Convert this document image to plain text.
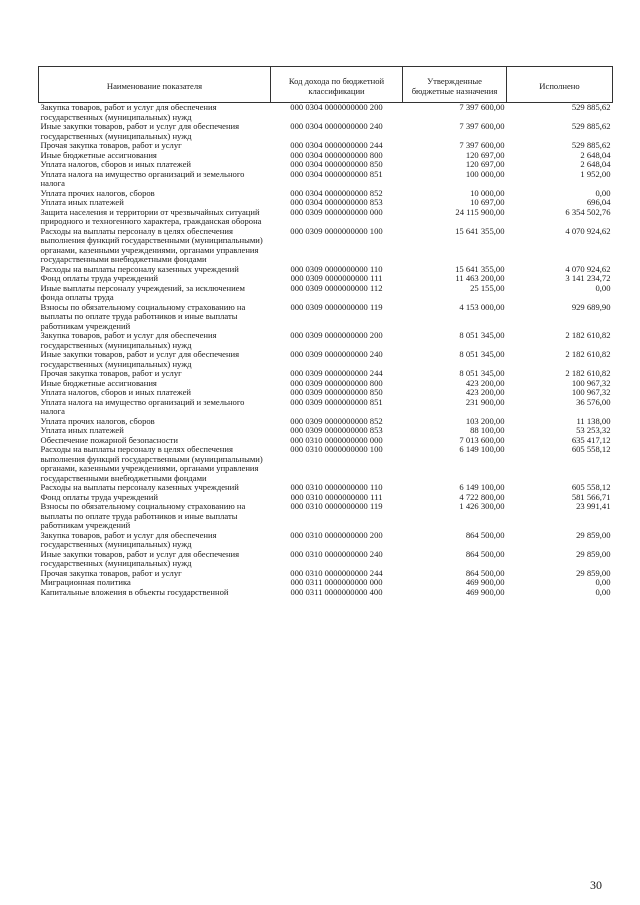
Наименование показателя	Код дохода по бюджетной классификации	Утвержденные бюджетные назначения	Исполнено
Закупка товаров, работ и услуг для обеспечения государственных (муниципальных) нужд	000 0304 0000000000 200	7 397 600,00	529 885,62
Иные закупки товаров, работ и услуг для обеспечения государственных (муниципальных) нужд	000 0304 0000000000 240	7 397 600,00	529 885,62
Прочая закупка товаров, работ и услуг	000 0304 0000000000 244	7 397 600,00	529 885,62
Иные бюджетные ассигнования	000 0304 0000000000 800	120 697,00	2 648,04
Уплата налогов, сборов и иных платежей	000 0304 0000000000 850	120 697,00	2 648,04
Уплата налога на имущество организаций и земельного налога	000 0304 0000000000 851	100 000,00	1 952,00
Уплата прочих налогов, сборов	000 0304 0000000000 852	10 000,00	0,00
Уплата иных платежей	000 0304 0000000000 853	10 697,00	696,04
Защита населения и территории от чрезвычайных ситуаций природного и техногенного характера, гражданская оборона	000 0309 0000000000 000	24 115 900,00	6 354 502,76
Расходы на выплаты персоналу в целях обеспечения выполнения функций государственными (муниципальными) органами, казенными учреждениями, органами управления государственными внебюджетными фондами	000 0309 0000000000 100	15 641 355,00	4 070 924,62
Расходы на выплаты персоналу казенных учреждений	000 0309 0000000000 110	15 641 355,00	4 070 924,62
Фонд оплаты труда учреждений	000 0309 0000000000 111	11 463 200,00	3 141 234,72
Иные выплаты персоналу учреждений, за исключением фонда оплаты труда	000 0309 0000000000 112	25 155,00	0,00
Взносы по обязательному социальному страхованию на выплаты по оплате труда работников и иные выплаты работникам учреждений	000 0309 0000000000 119	4 153 000,00	929 689,90
Закупка товаров, работ и услуг для обеспечения государственных (муниципальных) нужд	000 0309 0000000000 200	8 051 345,00	2 182 610,82
Иные закупки товаров, работ и услуг для обеспечения государственных (муниципальных) нужд	000 0309 0000000000 240	8 051 345,00	2 182 610,82
Прочая закупка товаров, работ и услуг	000 0309 0000000000 244	8 051 345,00	2 182 610,82
Иные бюджетные ассигнования	000 0309 0000000000 800	423 200,00	100 967,32
Уплата налогов, сборов и иных платежей	000 0309 0000000000 850	423 200,00	100 967,32
Уплата налога на имущество организаций и земельного налога	000 0309 0000000000 851	231 900,00	36 576,00
Уплата прочих налогов, сборов	000 0309 0000000000 852	103 200,00	11 138,00
Уплата иных платежей	000 0309 0000000000 853	88 100,00	53 253,32
Обеспечение пожарной безопасности	000 0310 0000000000 000	7 013 600,00	635 417,12
Расходы на выплаты персоналу в целях обеспечения выполнения функций государственными (муниципальными) органами, казенными учреждениями, органами управления государственными внебюджетными фондами	000 0310 0000000000 100	6 149 100,00	605 558,12
Расходы на выплаты персоналу казенных учреждений	000 0310 0000000000 110	6 149 100,00	605 558,12
Фонд оплаты труда учреждений	000 0310 0000000000 111	4 722 800,00	581 566,71
Взносы по обязательному социальному страхованию на выплаты по оплате труда работников и иные выплаты работникам учреждений	000 0310 0000000000 119	1 426 300,00	23 991,41
Закупка товаров, работ и услуг для обеспечения государственных (муниципальных) нужд	000 0310 0000000000 200	864 500,00	29 859,00
Иные закупки товаров, работ и услуг для обеспечения государственных (муниципальных) нужд	000 0310 0000000000 240	864 500,00	29 859,00
Прочая закупка товаров, работ и услуг	000 0310 0000000000 244	864 500,00	29 859,00
Миграционная политика	000 0311 0000000000 000	469 900,00	0,00
Капитальные вложения в объекты государственной	000 0311 0000000000 400	469 900,00	0,00
30
